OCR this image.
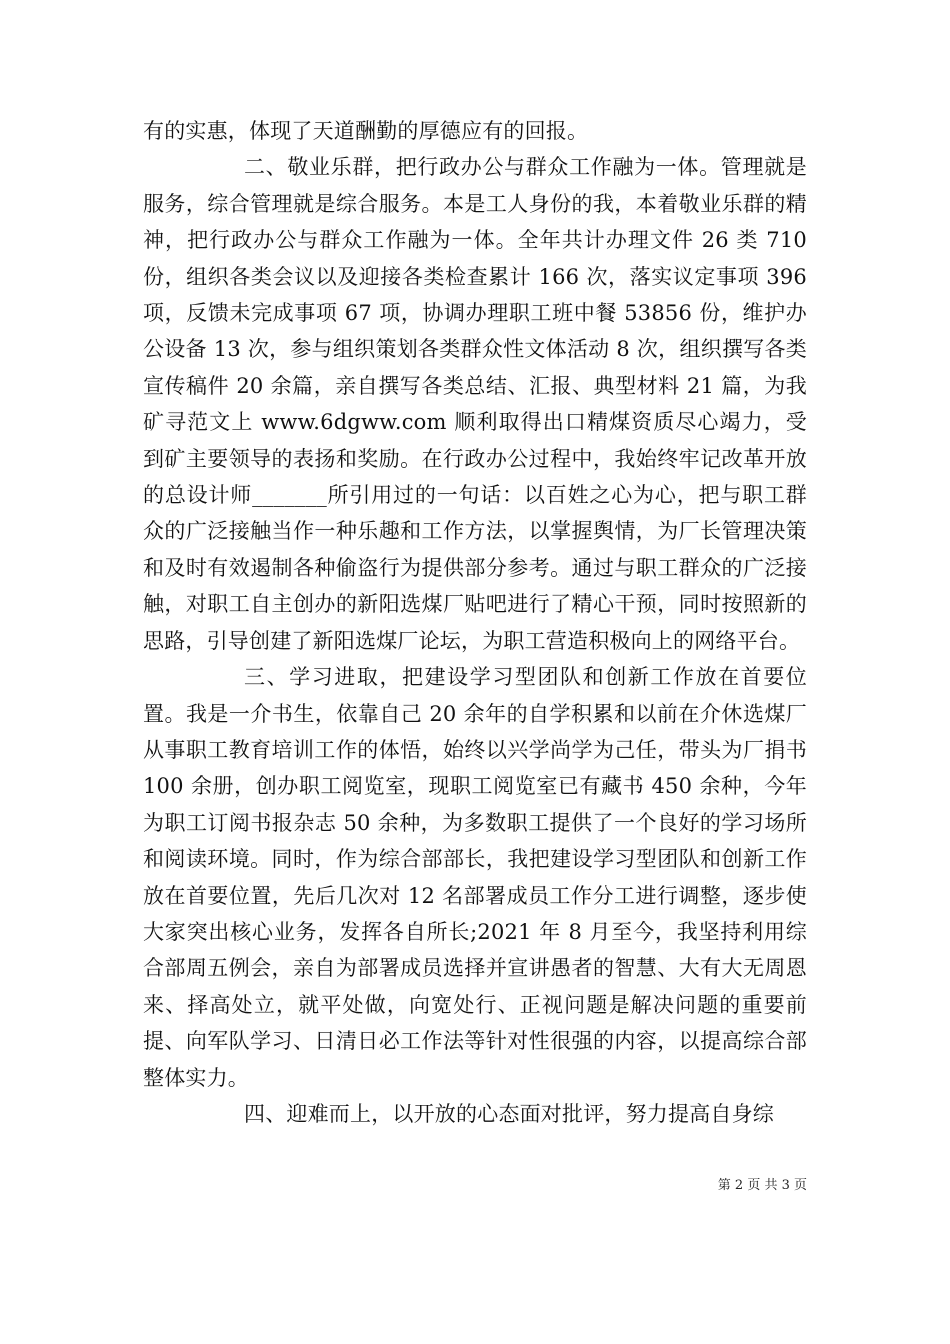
有的实惠，体现了天道酬勤的厚德应有的回报。

二、敬业乐群，把行政办公与群众工作融为一体。管理就是服务，综合管理就是综合服务。本是工人身份的我，本着敬业乐群的精神，把行政办公与群众工作融为一体。全年共计办理文件 26 类 710 份，组织各类会议以及迎接各类检查累计 166 次，落实议定事项 396 项，反馈未完成事项 67 项，协调办理职工班中餐 53856 份，维护办公设备 13 次，参与组织策划各类群众性文体活动 8 次，组织撰写各类宣传稿件 20 余篇，亲自撰写各类总结、汇报、典型材料 21 篇，为我矿寻范文上 www.6dgww.com 顺利取得出口精煤资质尽心竭力，受到矿主要领导的表扬和奖励。在行政办公过程中，我始终牢记改革开放的总设计师_______所引用过的一句话：以百姓之心为心，把与职工群众的广泛接触当作一种乐趣和工作方法，以掌握舆情，为厂长管理决策和及时有效遏制各种偷盗行为提供部分参考。通过与职工群众的广泛接触，对职工自主创办的新阳选煤厂贴吧进行了精心干预，同时按照新的思路，引导创建了新阳选煤厂论坛，为职工营造积极向上的网络平台。

三、学习进取，把建设学习型团队和创新工作放在首要位置。我是一介书生，依靠自己 20 余年的自学积累和以前在介休选煤厂从事职工教育培训工作的体悟，始终以兴学尚学为己任，带头为厂捐书 100 余册，创办职工阅览室，现职工阅览室已有藏书 450 余种，今年为职工订阅书报杂志 50 余种，为多数职工提供了一个良好的学习场所和阅读环境。同时，作为综合部部长，我把建设学习型团队和创新工作放在首要位置，先后几次对 12 名部署成员工作分工进行调整，逐步使大家突出核心业务，发挥各自所长;2021 年 8 月至今，我坚持利用综合部周五例会，亲自为部署成员选择并宣讲愚者的智慧、大有大无周恩来、择高处立，就平处做，向宽处行、正视问题是解决问题的重要前提、向军队学习、日清日必工作法等针对性很强的内容，以提高综合部整体实力。

四、迎难而上，以开放的心态面对批评，努力提高自身综

第 2 页 共 3 页
